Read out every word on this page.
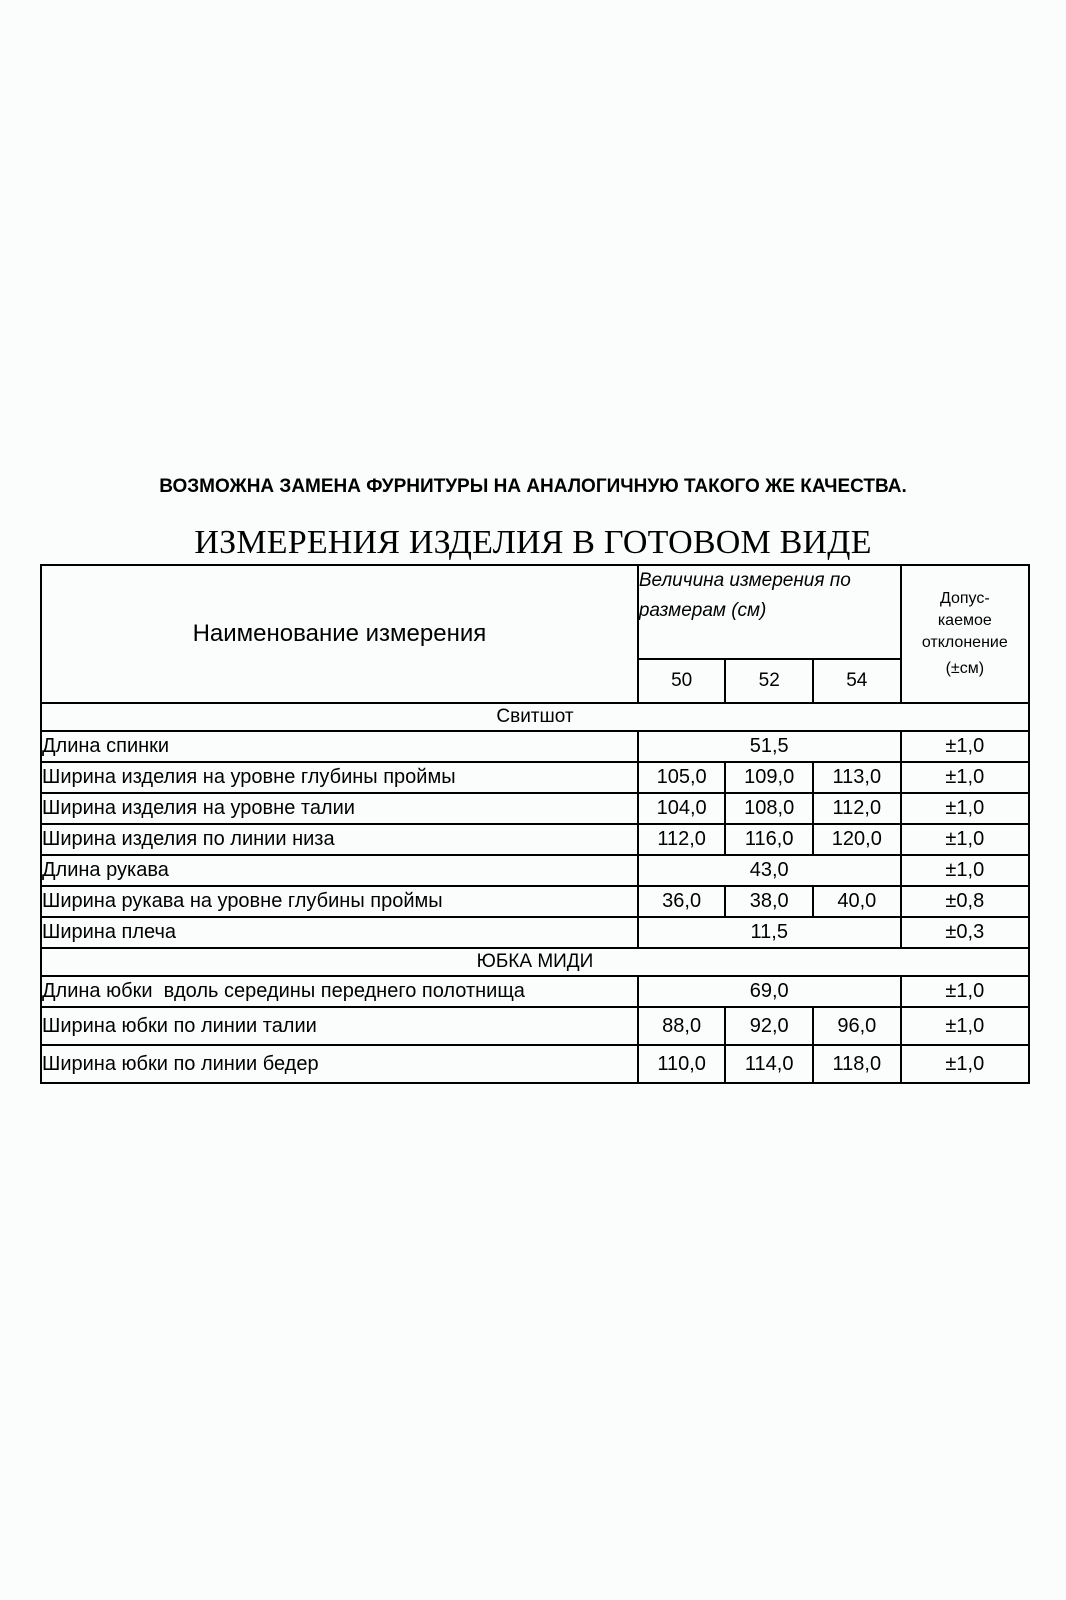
ВОЗМОЖНА ЗАМЕНА ФУРНИТУРЫ НА АНАЛОГИЧНУЮ ТАКОГО ЖЕ КАЧЕСТВА.
ИЗМЕРЕНИЯ ИЗДЕЛИЯ В ГОТОВОМ ВИДЕ
Наименование измерения	Величина измерения по размерам (см)			Допус-
каемое
отклонение
(±см)

	50	52	54	
Свитшот				
Длина спинки	51,5			±1,0
Ширина изделия на уровне глубины проймы	105,0	109,0	113,0	±1,0
Ширина изделия на уровне талии	104,0	108,0	112,0	±1,0
Ширина изделия по линии низа	112,0	116,0	120,0	±1,0
Длина рукава	43,0			±1,0
Ширина рукава на уровне глубины проймы	36,0	38,0	40,0	±0,8
Ширина плеча	11,5			±0,3
ЮБКА МИДИ				
Длина юбки  вдоль середины переднего полотнища	69,0			±1,0
Ширина юбки по линии талии	88,0	92,0	96,0	±1,0
Ширина юбки по линии бедер	110,0	114,0	118,0	±1,0
